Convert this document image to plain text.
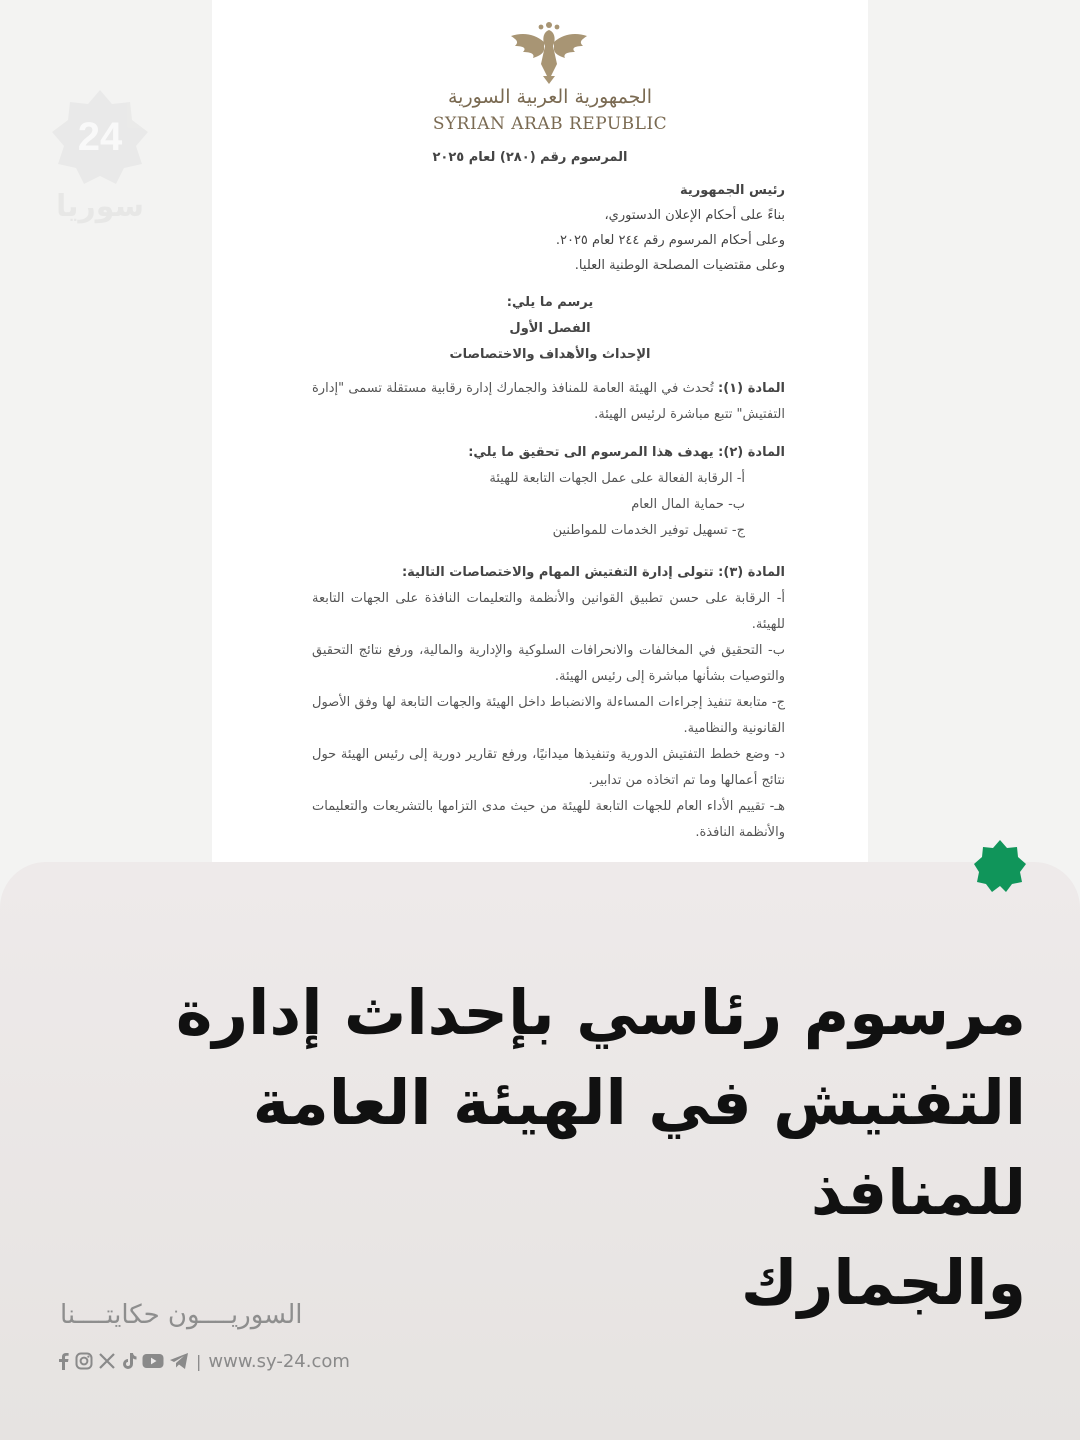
الجمهورية العربية السورية
SYRIAN ARAB REPUBLIC
المرسوم رقم (٢٨٠) لعام ٢٠٢٥
رئيس الجمهورية
بناءً على أحكام الإعلان الدستوري،
وعلى أحكام المرسوم رقم ٢٤٤ لعام ٢٠٢٥.
وعلى مقتضيات المصلحة الوطنية العليا.
يرسم ما يلي:
الفصل الأول
الإحداث والأهداف والاختصاصات
المادة (١): تُحدث في الهيئة العامة للمنافذ والجمارك إدارة رقابية مستقلة تسمى "إدارة التفتيش" تتبع مباشرة لرئيس الهيئة.
المادة (٢): يهدف هذا المرسوم الى تحقيق ما يلي:
أ- الرقابة الفعالة على عمل الجهات التابعة للهيئة
ب- حماية المال العام
ج- تسهيل توفير الخدمات للمواطنين
المادة (٣): تتولى إدارة التفتيش المهام والاختصاصات التالية:
أ- الرقابة على حسن تطبيق القوانين والأنظمة والتعليمات النافذة على الجهات التابعة للهيئة.
ب- التحقيق في المخالفات والانحرافات السلوكية والإدارية والمالية، ورفع نتائج التحقيق والتوصيات بشأنها مباشرة إلى رئيس الهيئة.
ج- متابعة تنفيذ إجراءات المساءلة والانضباط داخل الهيئة والجهات التابعة لها وفق الأصول القانونية والنظامية.
د- وضع خطط التفتيش الدورية وتنفيذها ميدانيًا، ورفع تقارير دورية إلى رئيس الهيئة حول نتائج أعمالها وما تم اتخاذه من تدابير.
هـ- تقييم الأداء العام للجهات التابعة للهيئة من حيث مدى التزامها بالتشريعات والتعليمات والأنظمة النافذة.
24
سوريا
مرسوم رئاسي بإحداث إدارة
التفتيش في الهيئة العامة للمنافذ
والجمارك
السوريــــون حكايتــــنا
| www.sy-24.com
